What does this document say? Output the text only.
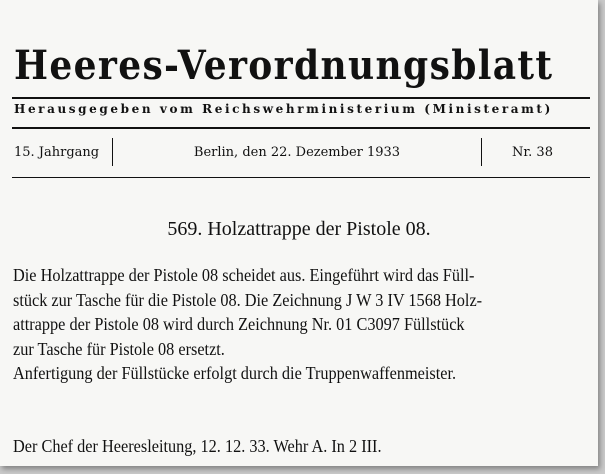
Heeres-Verordnungsblatt
Herausgegeben vom Reichswehrministerium (Ministeramt)
15. Jahrgang	Berlin, den 22. Dezember 1933	Nr. 38
569. Holzattrappe der Pistole 08.

Die Holzattrappe der Pistole 08 scheidet aus. Eingeführt wird das Füll-

stück zur Tasche für die Pistole 08. Die Zeichnung J W 3 IV 1568 Holz-

attrappe der Pistole 08 wird durch Zeichnung Nr. 01 C3097 Füllstück

zur Tasche für Pistole 08 ersetzt.

Anfertigung der Füllstücke erfolgt durch die Truppenwaffenmeister.

Der Chef der Heeresleitung, 12. 12. 33. Wehr A. In 2 III.
